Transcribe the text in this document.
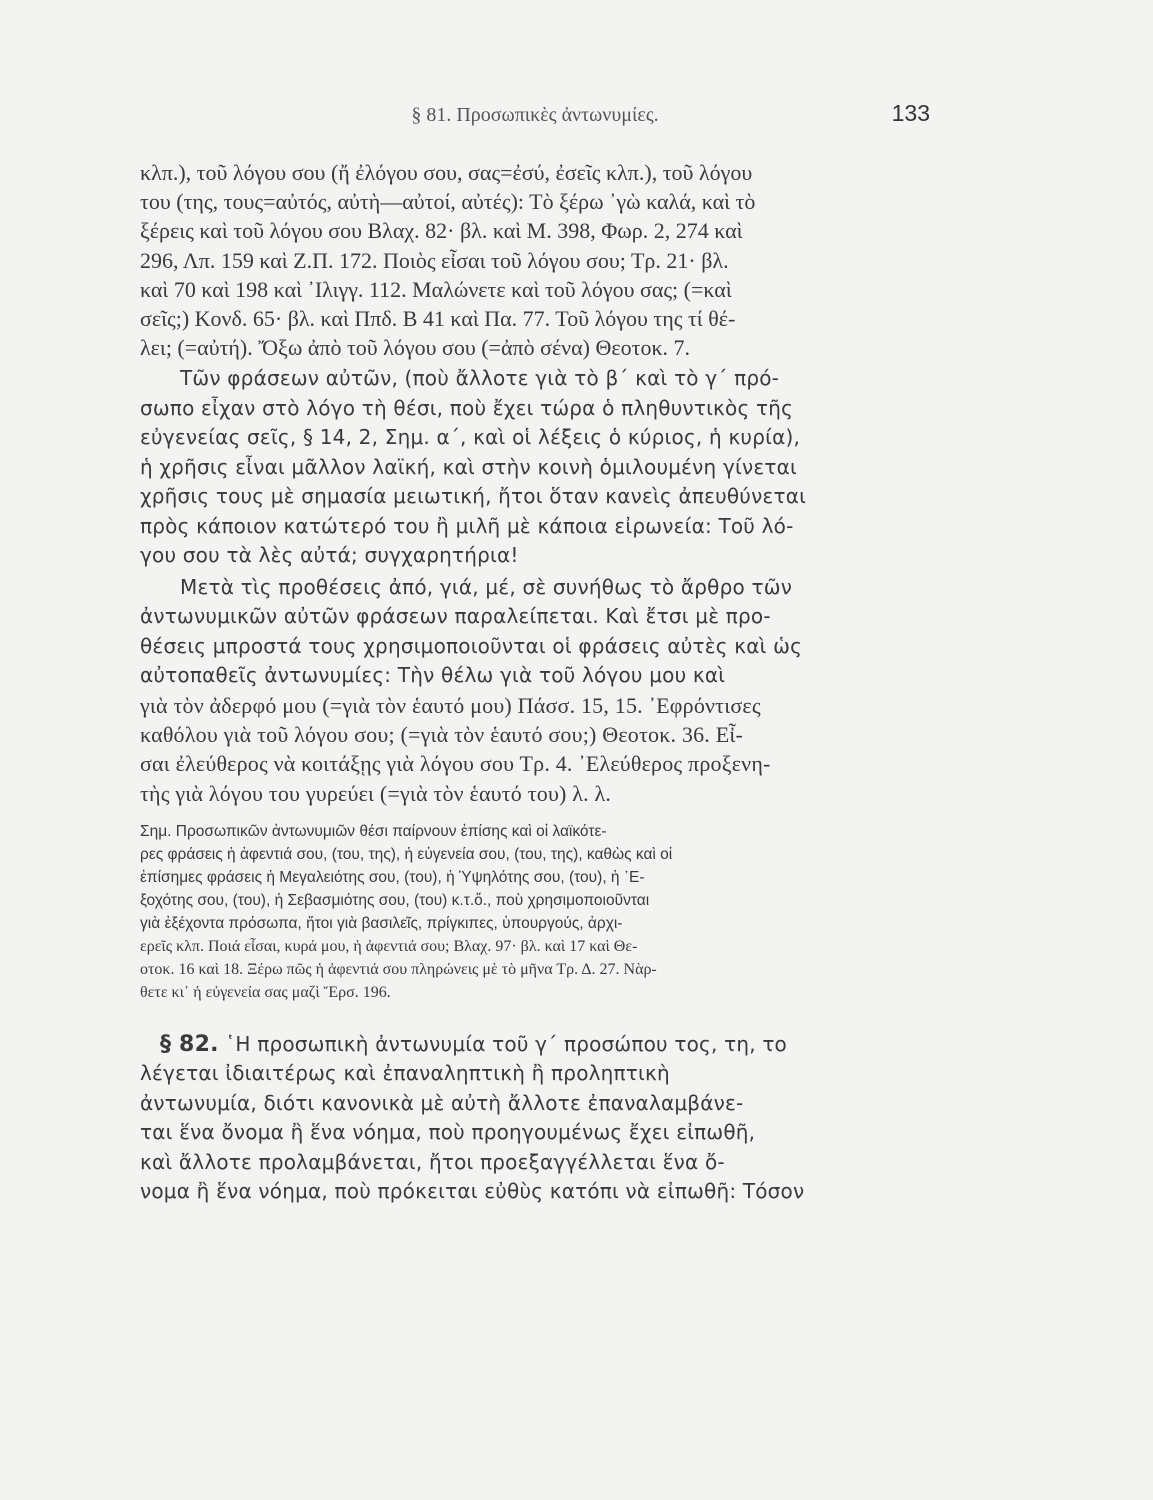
§ 81. Προσωπικὲς ἀντωνυμίες.	133
κλπ.), τοῦ λόγου σου (ἤ ἐλόγου σου, σας=ἐσύ, ἐσεῖς κλπ.), τοῦ λόγου
του (της, τους=αὐτός, αὐτὴ—αὐτοί, αὐτές): Τὸ ξέρω ᾿γὼ καλά, καὶ τὸ
ξέρεις καὶ τοῦ λόγου σου Βλαχ. 82· βλ. καὶ Μ. 398, Φωρ. 2, 274 καὶ
296, Λπ. 159 καὶ Ζ.Π. 172. Ποιὸς εἶσαι τοῦ λόγου σου; Τρ. 21· βλ.
καὶ 70 καὶ 198 καὶ ᾿Ιλιγγ. 112. Μαλώνετε καὶ τοῦ λόγου σας; (=καὶ
σεῖς;) Κονδ. 65· βλ. καὶ Ππδ. Β 41 καὶ Πα. 77. Τοῦ λόγου της τί θέ-
λει; (=αὐτή). Ὄξω ἀπὸ τοῦ λόγου σου (=ἀπὸ σένα) Θεοτοκ. 7.
Τῶν φράσεων αὐτῶν, (ποὺ ἄλλοτε γιὰ τὸ β΄ καὶ τὸ γ΄ πρό-
σωπο εἶχαν στὸ λόγο τὴ θέσι, ποὺ ἔχει τώρα ὁ πληθυντικὸς τῆς
εὐγενείας σεῖς, § 14, 2, Σημ. α΄, καὶ οἱ λέξεις ὁ κύριος, ἡ κυρία),
ἡ χρῆσις εἶναι μᾶλλον λαϊκή, καὶ στὴν κοινὴ ὁμιλουμένη γίνεται
χρῆσις τους μὲ σημασία μειωτική, ἤτοι ὅταν κανεὶς ἀπευθύνεται
πρὸς κάποιον κατώτερό του ἢ μιλῆ μὲ κάποια εἰρωνεία: Τοῦ λό-
γου σου τὰ λὲς αὐτά; συγχαρητήρια!
Μετὰ τὶς προθέσεις ἀπό, γιά, μέ, σὲ συνήθως τὸ ἄρθρο τῶν
ἀντωνυμικῶν αὐτῶν φράσεων παραλείπεται. Καὶ ἔτσι μὲ προ-
θέσεις μπροστά τους χρησιμοποιοῦνται οἱ φράσεις αὐτὲς καὶ ὡς
αὐτοπαθεῖς ἀντωνυμίες: Τὴν θέλω γιὰ τοῦ λόγου μου καὶ
γιὰ τὸν ἀδερφό μου (=γιὰ τὸν ἑαυτό μου) Πάσσ. 15, 15. ᾿Εφρόντισες
καθόλου γιὰ τοῦ λόγου σου; (=γιὰ τὸν ἑαυτό σου;) Θεοτοκ. 36. Εἶ-
σαι ἐλεύθερος νὰ κοιτάξῃς γιὰ λόγου σου Τρ. 4. ᾿Ελεύθερος προξενη-
τὴς γιὰ λόγου του γυρεύει (=γιὰ τὸν ἑαυτό του) λ. λ.
Σημ. Προσωπικῶν ἀντωνυμιῶν θέσι παίρνουν ἐπίσης καὶ οἱ λαϊκότε-
ρες φράσεις ἡ ἀφεντιά σου, (του, της), ἡ εὐγενεία σου, (του, της), καθὼς καὶ οἱ
ἐπίσημες φράσεις ἡ Μεγαλειότης σου, (του), ἡ Ὑψηλότης σου, (του), ἡ ᾿Ε-
ξοχότης σου, (του), ἡ Σεβασμιότης σου, (του) κ.τ.ὅ., ποὺ χρησιμοποιοῦνται
γιὰ ἐξέχοντα πρόσωπα, ἤτοι γιὰ βασιλεῖς, πρίγκιπες, ὑπουργούς, ἀρχι-
ερεῖς κλπ. Ποιά εἶσαι, κυρά μου, ἡ ἀφεντιά σου; Βλαχ. 97· βλ. καὶ 17 καὶ Θε-
οτοκ. 16 καὶ 18. Ξέρω πῶς ἡ ἀφεντιά σου πληρώνεις μὲ τὸ μῆνα Τρ. Δ. 27. Νὰρ-
θετε κι᾿ ἡ εὐγενεία σας μαζὶ Ἔρσ. 196.
§ 82. ῾Η προσωπικὴ ἀντωνυμία τοῦ γ΄ προσώπου τος, τη, το
λέγεται ἰδιαιτέρως καὶ ἐπαναληπτικὴ ἢ προληπτικὴ
ἀντωνυμία, διότι κανονικὰ μὲ αὐτὴ ἄλλοτε ἐπαναλαμβάνε-
ται ἕνα ὄνομα ἢ ἕνα νόημα, ποὺ προηγουμένως ἔχει εἰπωθῆ,
καὶ ἄλλοτε προλαμβάνεται, ἤτοι προεξαγγέλλεται ἕνα ὄ-
νομα ἢ ἕνα νόημα, ποὺ πρόκειται εὐθὺς κατόπι νὰ εἰπωθῆ: Τόσον
